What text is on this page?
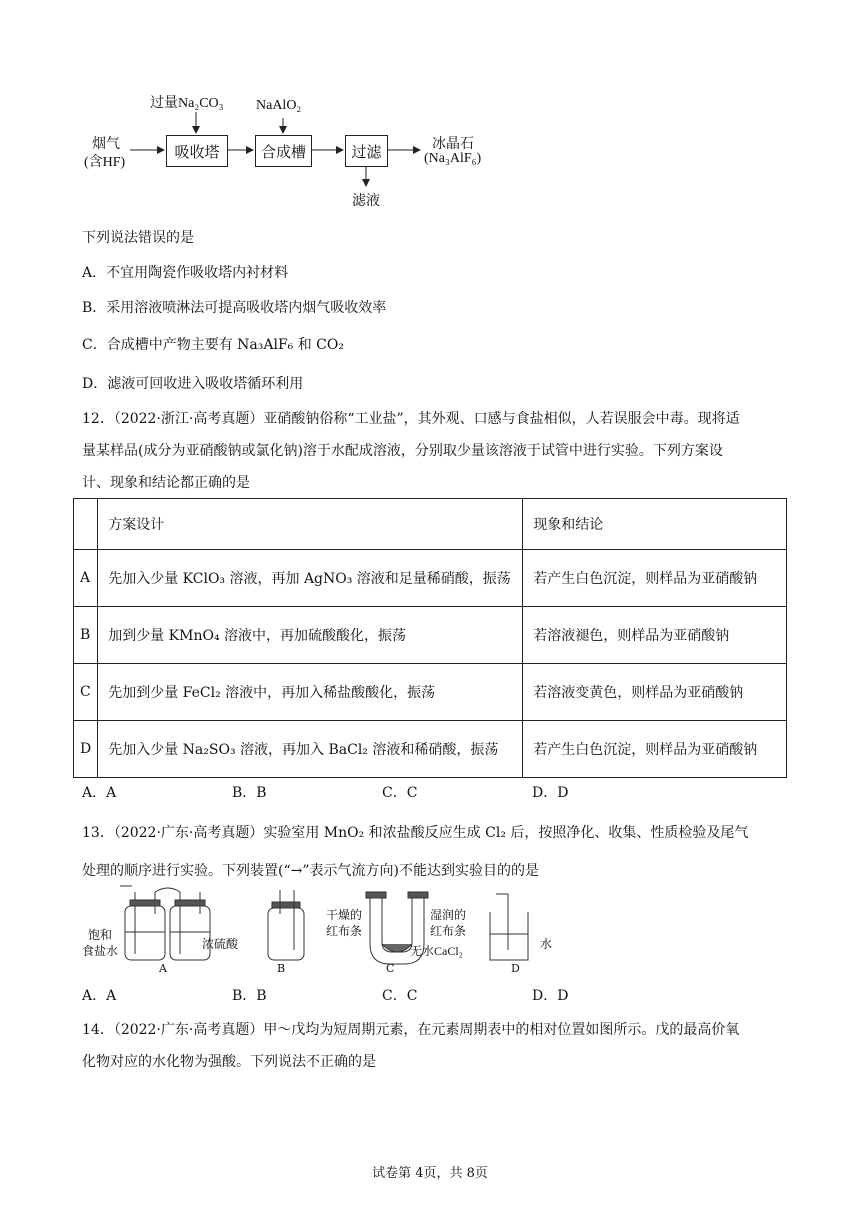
过量Na₂CO₃ NaAlO₂
烟气
(含HF)
吸收塔	合成槽	过滤	冰晶石
(Na₃AlF₆)
滤液
下列说法错误的是
A．不宜用陶瓷作吸收塔内衬材料
B．采用溶液喷淋法可提高吸收塔内烟气吸收效率
C．合成槽中产物主要有 Na₃AlF₆ 和 CO₂
D．滤液可回收进入吸收塔循环利用
12．（2022·浙江·高考真题）亚硝酸钠俗称“工业盐”，其外观、口感与食盐相似，人若误服会中毒。现将适
量某样品(成分为亚硝酸钠或氯化钠)溶于水配成溶液，分别取少量该溶液于试管中进行实验。下列方案设
计、现象和结论都正确的是
	方案设计	现象和结论
A	先加入少量 KClO₃ 溶液，再加 AgNO₃ 溶液和足量稀硝酸，振荡	若产生白色沉淀，则样品为亚硝酸钠
B	加到少量 KMnO₄ 溶液中，再加硫酸酸化，振荡	若溶液褪色，则样品为亚硝酸钠
C	先加到少量 FeCl₂ 溶液中，再加入稀盐酸酸化，振荡	若溶液变黄色，则样品为亚硝酸钠
D	先加入少量 Na₂SO₃ 溶液，再加入 BaCl₂ 溶液和稀硝酸，振荡	若产生白色沉淀，则样品为亚硝酸钠
A．A	B．B	C．C	D．D
13．（2022·广东·高考真题）实验室用 MnO₂ 和浓盐酸反应生成 Cl₂ 后，按照净化、收集、性质检验及尾气
处理的顺序进行实验。下列装置(“→”表示气流方向)不能达到实验目的的是
饱和
食盐水	浓硫酸
A	B
干燥的
红布条
湿润的
红布条
无水CaCl₂
C
水
D
A．A	B．B	C．C	D．D
14．（2022·广东·高考真题）甲～戊均为短周期元素，在元素周期表中的相对位置如图所示。戊的最高价氧
化物对应的水化物为强酸。下列说法不正确的是
试卷第 4页，共 8页
